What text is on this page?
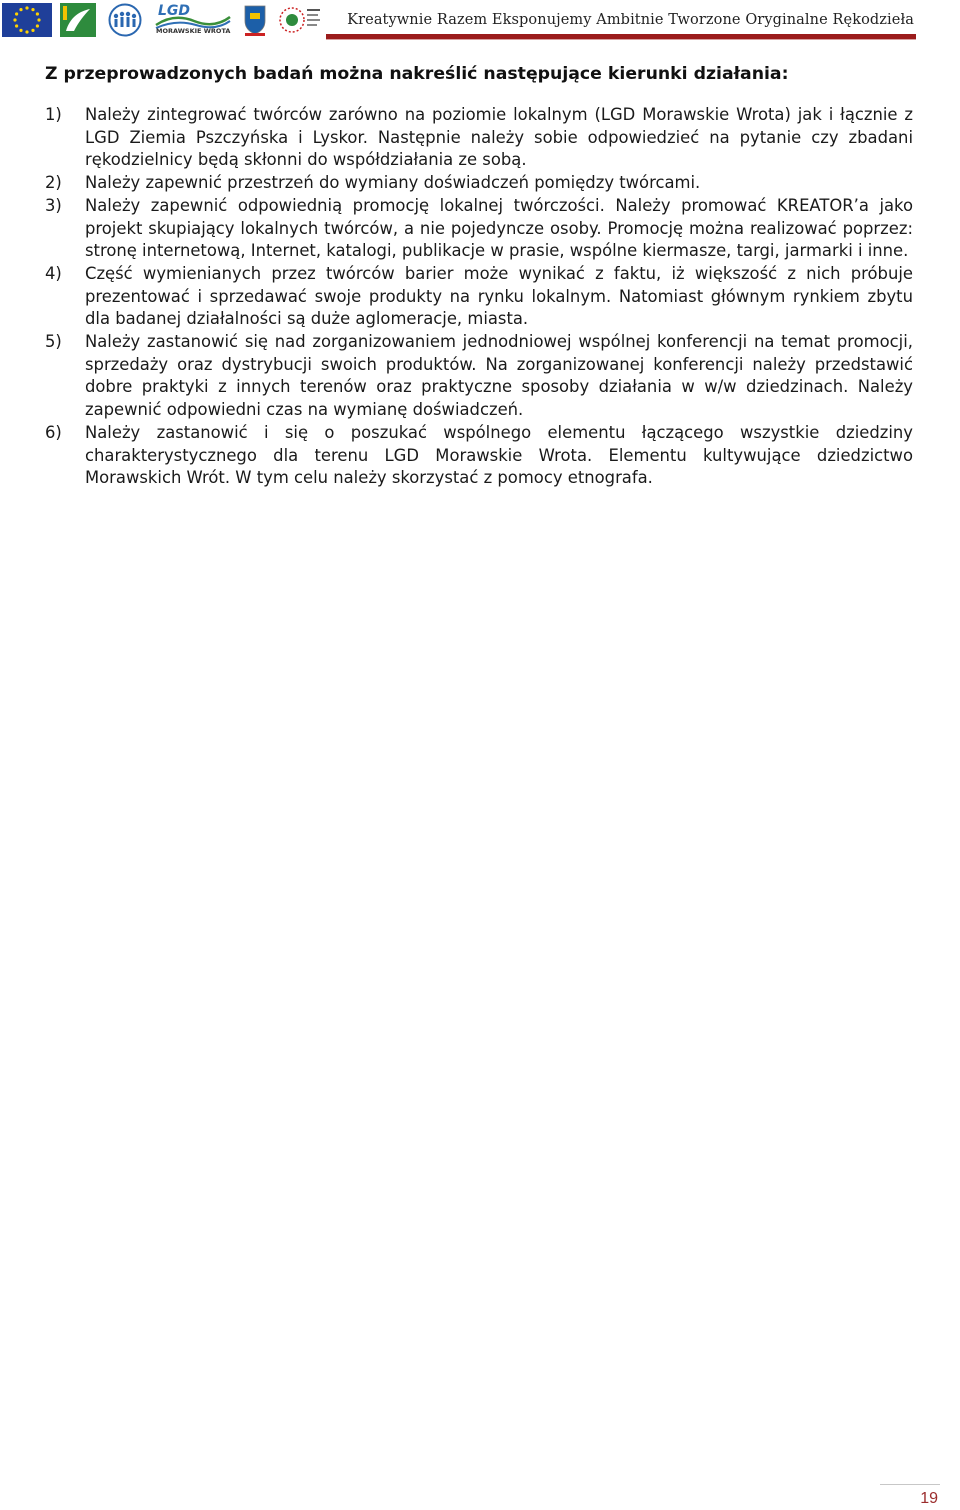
LGD
MORAWSKIE WROTA
Kreatywnie Razem Eksponujemy Ambitnie Tworzone Oryginalne Rękodzieła
Z przeprowadzonych badań można nakreślić następujące kierunki działania:
1) Należy zintegrować twórców zarówno na poziomie lokalnym (LGD Morawskie Wrota) jak i łącznie z LGD Ziemia Pszczyńska i Lyskor. Następnie należy sobie odpowiedzieć na pytanie czy zbadani rękodzielnicy będą skłonni do współdziałania ze sobą.
2) Należy zapewnić przestrzeń do wymiany doświadczeń pomiędzy twórcami.
3) Należy zapewnić odpowiednią promocję lokalnej twórczości. Należy promować KREATOR’a jako projekt skupiający lokalnych twórców, a nie pojedyncze osoby. Promocję można realizować poprzez: stronę internetową, Internet, katalogi, publikacje w prasie, wspólne kiermasze, targi, jarmarki i inne.
4) Część wymienianych przez twórców barier może wynikać z faktu, iż większość z nich próbuje prezentować i sprzedawać swoje produkty na rynku lokalnym. Natomiast głównym rynkiem zbytu dla badanej działalności są duże aglomeracje, miasta.
5) Należy zastanowić się nad zorganizowaniem jednodniowej wspólnej konferencji na temat promocji, sprzedaży oraz dystrybucji swoich produktów. Na zorganizowanej konferencji należy przedstawić dobre praktyki z innych terenów oraz praktyczne sposoby działania w w/w dziedzinach. Należy zapewnić odpowiedni czas na wymianę doświadczeń.
6) Należy zastanowić i się o poszukać wspólnego elementu łączącego wszystkie dziedziny charakterystycznego dla terenu LGD Morawskie Wrota. Elementu kultywujące dziedzictwo Morawskich Wrót. W tym celu należy skorzystać z pomocy etnografa.
19
